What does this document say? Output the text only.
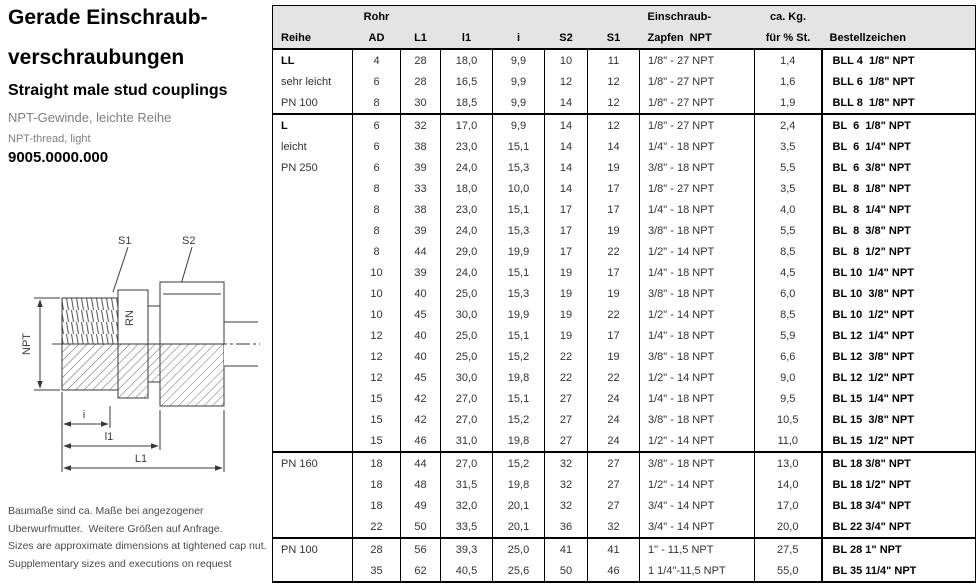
Gerade Einschraub-
verschraubungen
Straight male stud couplings
NPT-Gewinde, leichte Reihe
NPT-thread, light
9005.0000.000
S1	S2
RN
NPT
i
l1
L1
Baumaße sind ca. Maße bei angezogener
Uberwurfmutter.  Weitere Größen auf Anfrage.
Sizes are approximate dimensions at tightened cap nut.
Supplementary sizes and executions on request
	Rohr						Einschraub-	ca. Kg.	
Reihe	AD	L1	l1	i	S2	S1	Zapfen  NPT	für % St.	Bestellzeichen
LL	4	28	18,0	9,9	10	11	1/8" - 27 NPT	1,4	BLL 4  1/8" NPT
sehr leicht	6	28	16,5	9,9	12	12	1/8" - 27 NPT	1,6	BLL 6  1/8" NPT
PN 100	8	30	18,5	9,9	14	12	1/8" - 27 NPT	1,9	BLL 8  1/8" NPT
L	6	32	17,0	9,9	14	12	1/8" - 27 NPT	2,4	BL  6  1/8" NPT
leicht	6	38	23,0	15,1	14	14	1/4" - 18 NPT	3,5	BL  6  1/4" NPT
PN 250	6	39	24,0	15,3	14	19	3/8" - 18 NPT	5,5	BL  6  3/8" NPT
	8	33	18,0	10,0	14	17	1/8" - 27 NPT	3,5	BL  8  1/8" NPT
	8	38	23,0	15,1	17	17	1/4" - 18 NPT	4,0	BL  8  1/4" NPT
	8	39	24,0	15,3	17	19	3/8" - 18 NPT	5,5	BL  8  3/8" NPT
	8	44	29,0	19,9	17	22	1/2" - 14 NPT	8,5	BL  8  1/2" NPT
	10	39	24,0	15,1	19	17	1/4" - 18 NPT	4,5	BL 10  1/4" NPT
	10	40	25,0	15,3	19	19	3/8" - 18 NPT	6,0	BL 10  3/8" NPT
	10	45	30,0	19,9	19	22	1/2" - 14 NPT	8,5	BL 10  1/2" NPT
	12	40	25,0	15,1	19	17	1/4" - 18 NPT	5,9	BL 12  1/4" NPT
	12	40	25,0	15,2	22	19	3/8" - 18 NPT	6,6	BL 12  3/8" NPT
	12	45	30,0	19,8	22	22	1/2" - 14 NPT	9,0	BL 12  1/2" NPT
	15	42	27,0	15,1	27	24	1/4" - 18 NPT	9,5	BL 15  1/4" NPT
	15	42	27,0	15,2	27	24	3/8" - 18 NPT	10,5	BL 15  3/8" NPT
	15	46	31,0	19,8	27	24	1/2" - 14 NPT	11,0	BL 15  1/2" NPT
PN 160	18	44	27,0	15,2	32	27	3/8" - 18 NPT	13,0	BL 18 3/8" NPT
	18	48	31,5	19,8	32	27	1/2" - 14 NPT	14,0	BL 18 1/2" NPT
	18	49	32,0	20,1	32	27	3/4" - 14 NPT	17,0	BL 18 3/4" NPT
	22	50	33,5	20,1	36	32	3/4" - 14 NPT	20,0	BL 22 3/4" NPT
PN 100	28	56	39,3	25,0	41	41	1" - 11,5 NPT	27,5	BL 28 1" NPT
	35	62	40,5	25,6	50	46	1 1/4"-11,5 NPT	55,0	BL 35 11/4" NPT
